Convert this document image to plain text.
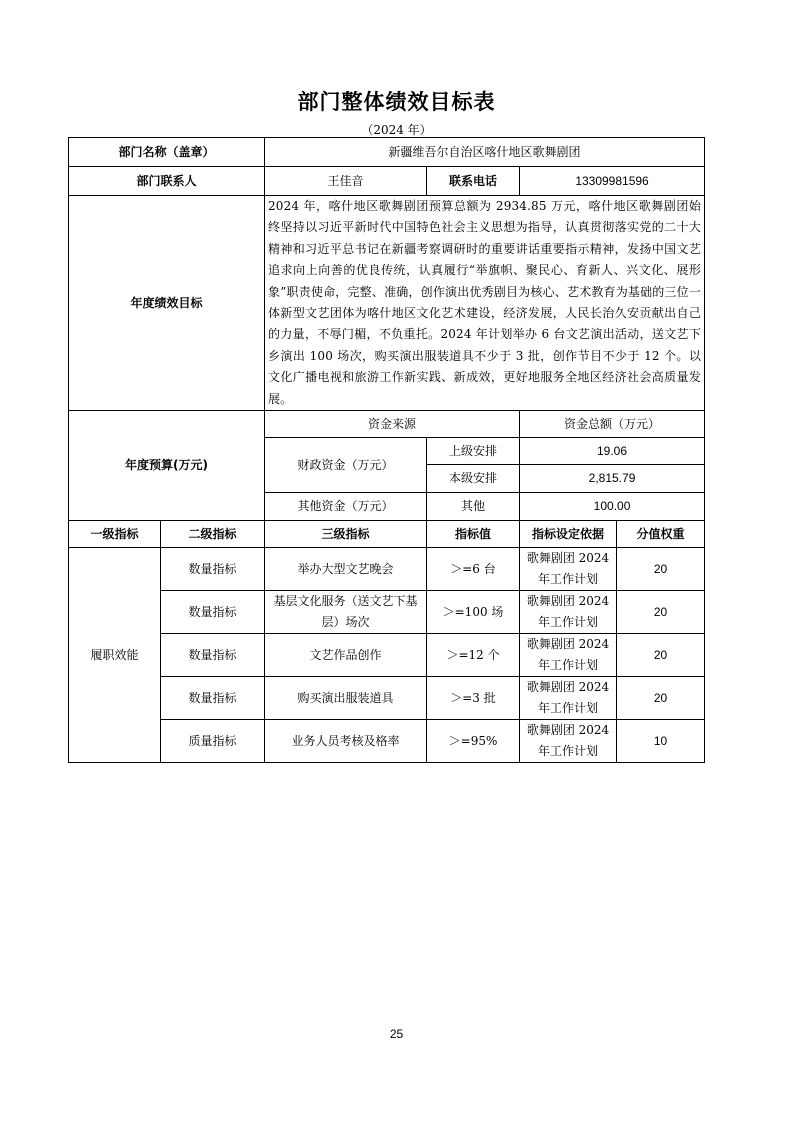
部门整体绩效目标表
（2024 年）
部门名称（盖章）		新疆维吾尔自治区喀什地区歌舞剧团			
部门联系人		王佳音	联系电话	13309981596	
年度绩效目标		2024 年，喀什地区歌舞剧团预算总额为 2934.85 万元，喀什地区歌舞剧团始终坚持以习近平新时代中国特色社会主义思想为指导，认真贯彻落实党的二十大精神和习近平总书记在新疆考察调研时的重要讲话重要指示精神，发扬中国文艺追求向上向善的优良传统，认真履行“举旗帜、聚民心、育新人、兴文化、展形象”职责使命，完整、准确，创作演出优秀剧目为核心、艺术教育为基础的三位一体新型文艺团体为喀什地区文化艺术建设，经济发展，人民长治久安贡献出自己的力量，不辱门楣，不负重托。2024 年计划举办 6 台文艺演出活动，送文艺下乡演出 100 场次，购买演出服装道具不少于 3 批，创作节目不少于 12 个。以文化广播电视和旅游工作新实践、新成效，更好地服务全地区经济社会高质量发展。			
年度预算(万元)		资金来源		资金总额（万元）	
		财政资金（万元）	上级安排	19.06	
			本级安排	2,815.79	
		其他资金（万元）	其他	100.00	
一级指标	二级指标	三级指标	指标值	指标设定依据	分值权重
履职效能	数量指标	举办大型文艺晚会	＞=6 台	歌舞剧团 2024 年工作计划	20
	数量指标	基层文化服务（送文艺下基层）场次	＞=100 场	歌舞剧团 2024 年工作计划	20
	数量指标	文艺作品创作	＞=12 个	歌舞剧团 2024 年工作计划	20
	数量指标	购买演出服装道具	＞=3 批	歌舞剧团 2024 年工作计划	20
	质量指标	业务人员考核及格率	＞=95%	歌舞剧团 2024 年工作计划	10
25
